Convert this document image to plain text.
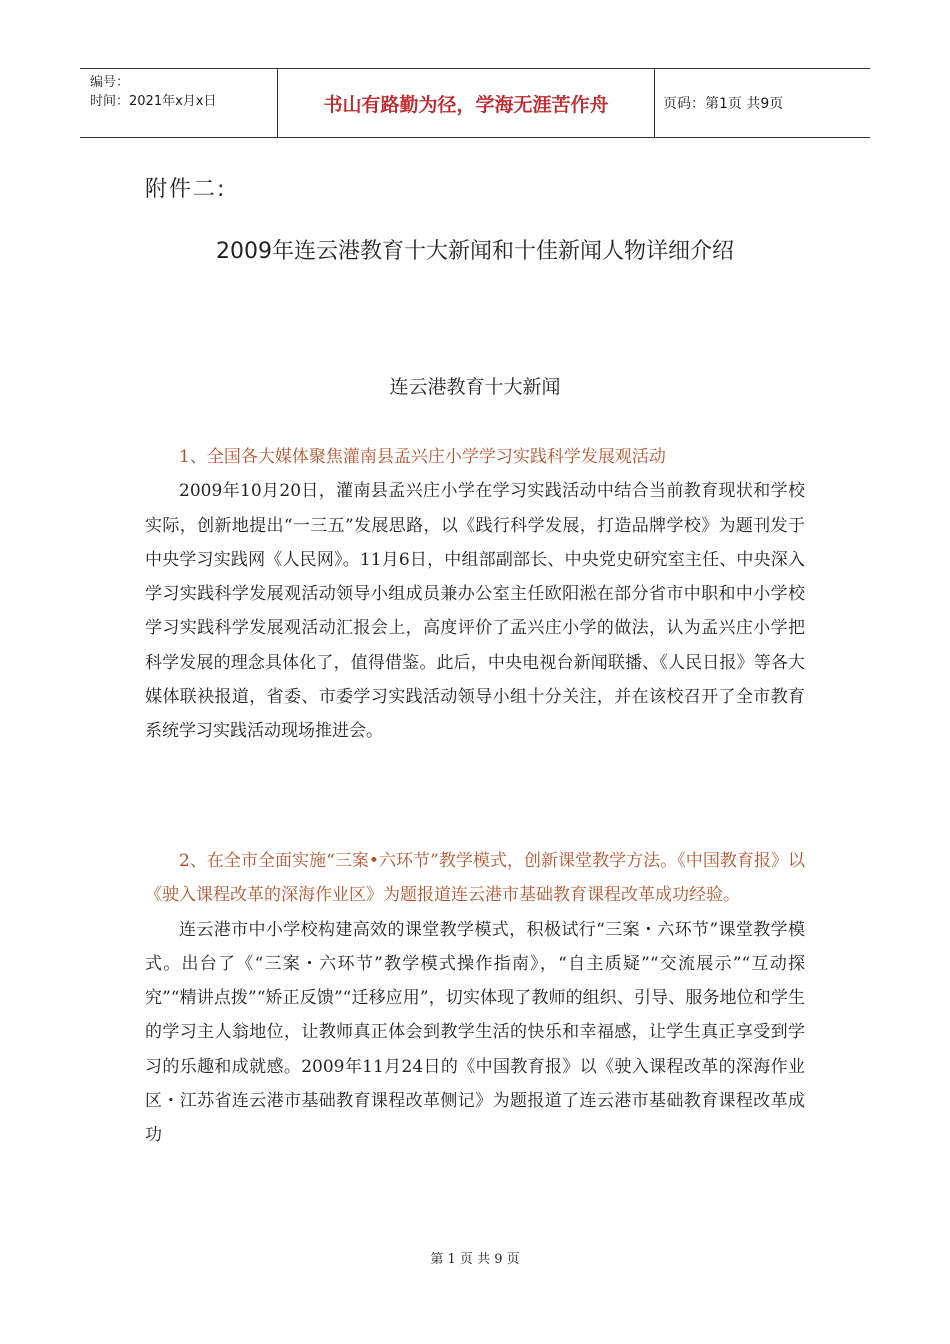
编号：
时间：2021年x月x日	书山有路勤为径，学海无涯苦作舟	页码：第1页 共9页
附件二:
2009年连云港教育十大新闻和十佳新闻人物详细介绍
连云港教育十大新闻

1、全国各大媒体聚焦灌南县孟兴庄小学学习实践科学发展观活动

2009年10月20日，灌南县孟兴庄小学在学习实践活动中结合当前教育现状和学校实际，创新地提出“一三五”发展思路，以《践行科学发展，打造品牌学校》为题刊发于中央学习实践网《人民网》。11月6日，中组部副部长、中央党史研究室主任、中央深入学习实践科学发展观活动领导小组成员兼办公室主任欧阳淞在部分省市中职和中小学校学习实践科学发展观活动汇报会上，高度评价了孟兴庄小学的做法，认为孟兴庄小学把科学发展的理念具体化了，值得借鉴。此后，中央电视台新闻联播、《人民日报》等各大媒体联袂报道，省委、市委学习实践活动领导小组十分关注，并在该校召开了全市教育系统学习实践活动现场推进会。

2、在全市全面实施“三案•六环节”教学模式，创新课堂教学方法。《中国教育报》以《驶入课程改革的深海作业区》为题报道连云港市基础教育课程改革成功经验。

连云港市中小学校构建高效的课堂教学模式，积极试行“三案・六环节”课堂教学模式。出台了《“三案・六环节”教学模式操作指南》，“自主质疑”“交流展示”“互动探究”“精讲点拨”“矫正反馈”“迁移应用”，切实体现了教师的组织、引导、服务地位和学生的学习主人翁地位，让教师真正体会到教学生活的快乐和幸福感，让学生真正享受到学习的乐趣和成就感。2009年11月24日的《中国教育报》以《驶入课程改革的深海作业区・江苏省连云港市基础教育课程改革侧记》为题报道了连云港市基础教育课程改革成功

第 1 页 共 9 页
